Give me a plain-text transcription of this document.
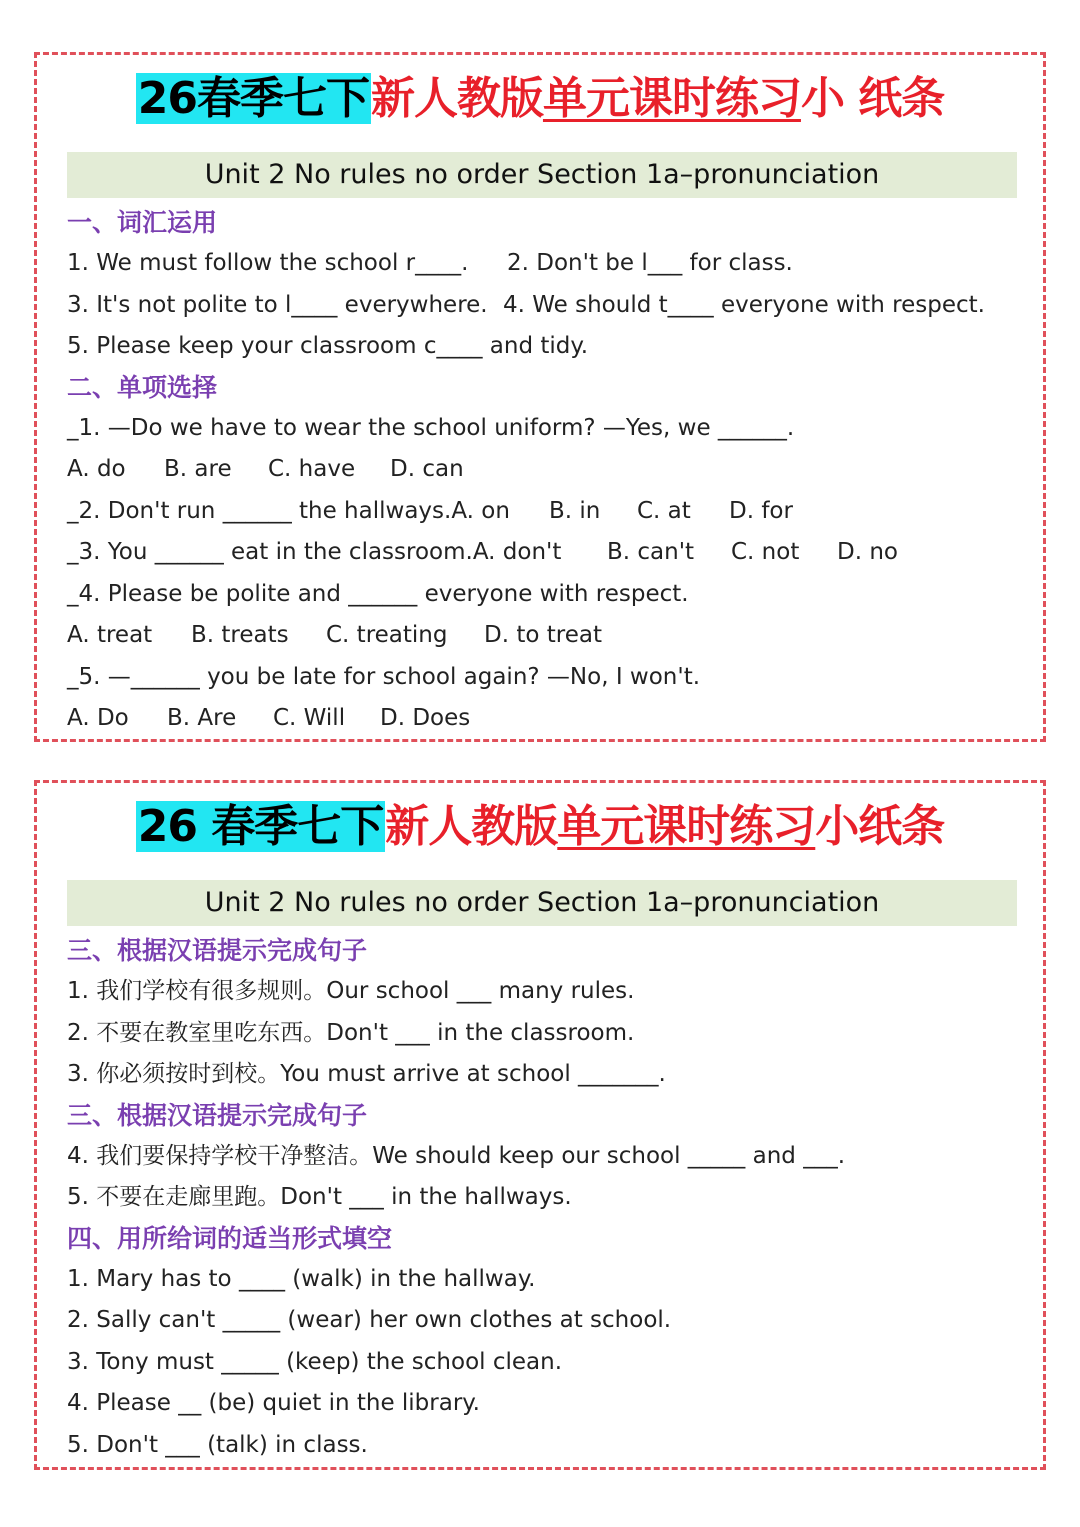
26春季七下新人教版单元课时练习小 纸条
Unit 2 No rules no order Section 1a–pronunciation
一、词汇运用
1. We must follow the school r____. 2. Don't be l___ for class.
3. It's not polite to l____ everywhere. 4. We should t____ everyone with respect.
5. Please keep your classroom c____ and tidy.
二、单项选择
_1. —Do we have to wear the school uniform? —Yes, we ______.
A. do B. are C. have D. can
_2. Don't run ______ the hallways.A. on B. in C. at D. for
_3. You ______ eat in the classroom.A. don't B. can't C. not D. no
_4. Please be polite and ______ everyone with respect.
A. treat B. treats C. treating D. to treat
_5. —______ you be late for school again? —No, I won't.
A. Do B. Are C. Will D. Does
26 春季七下新人教版单元课时练习小纸条
Unit 2 No rules no order Section 1a–pronunciation
三、根据汉语提示完成句子
1. 我们学校有很多规则。Our school ___ many rules.
2. 不要在教室里吃东西。Don't ___ in the classroom.
3. 你必须按时到校。You must arrive at school _______.
三、根据汉语提示完成句子
4. 我们要保持学校干净整洁。We should keep our school _____ and ___.
5. 不要在走廊里跑。Don't ___ in the hallways.
四、用所给词的适当形式填空
1. Mary has to ____ (walk) in the hallway.
2. Sally can't _____ (wear) her own clothes at school.
3. Tony must _____ (keep) the school clean.
4. Please __ (be) quiet in the library.
5. Don't ___ (talk) in class.
